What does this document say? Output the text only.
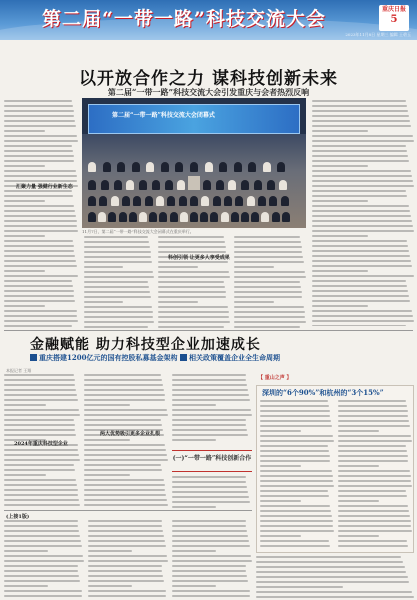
第二届“一带一路”科技交流大会	重庆日报
5
2023年11月8日 星期三 编辑 王碧玉
以开放合作之力 谋科技创新未来
第二届“一带一路”科技交流大会引发重庆与会者热烈反响
汇聚力量 强健行业新生态
第二届“一带一路”科技交流大会闭幕式
11月7日，第二届“一带一路”科技交流大会闭幕式在重庆举行。
科创引领 让更多人享受成果
金融赋能 助力科技型企业加速成长
重庆搭建1200亿元的国有控股私募基金架构	相关政策覆盖企业全生命周期
本报记者 王翔
2024年重庆科技型企业
两大优势吸引更多企业扎根
(一)“一带一路”科技创新合作
【 重山之声 】
深圳的“6个90%”和杭州的“3个15%”
(上接1版)
